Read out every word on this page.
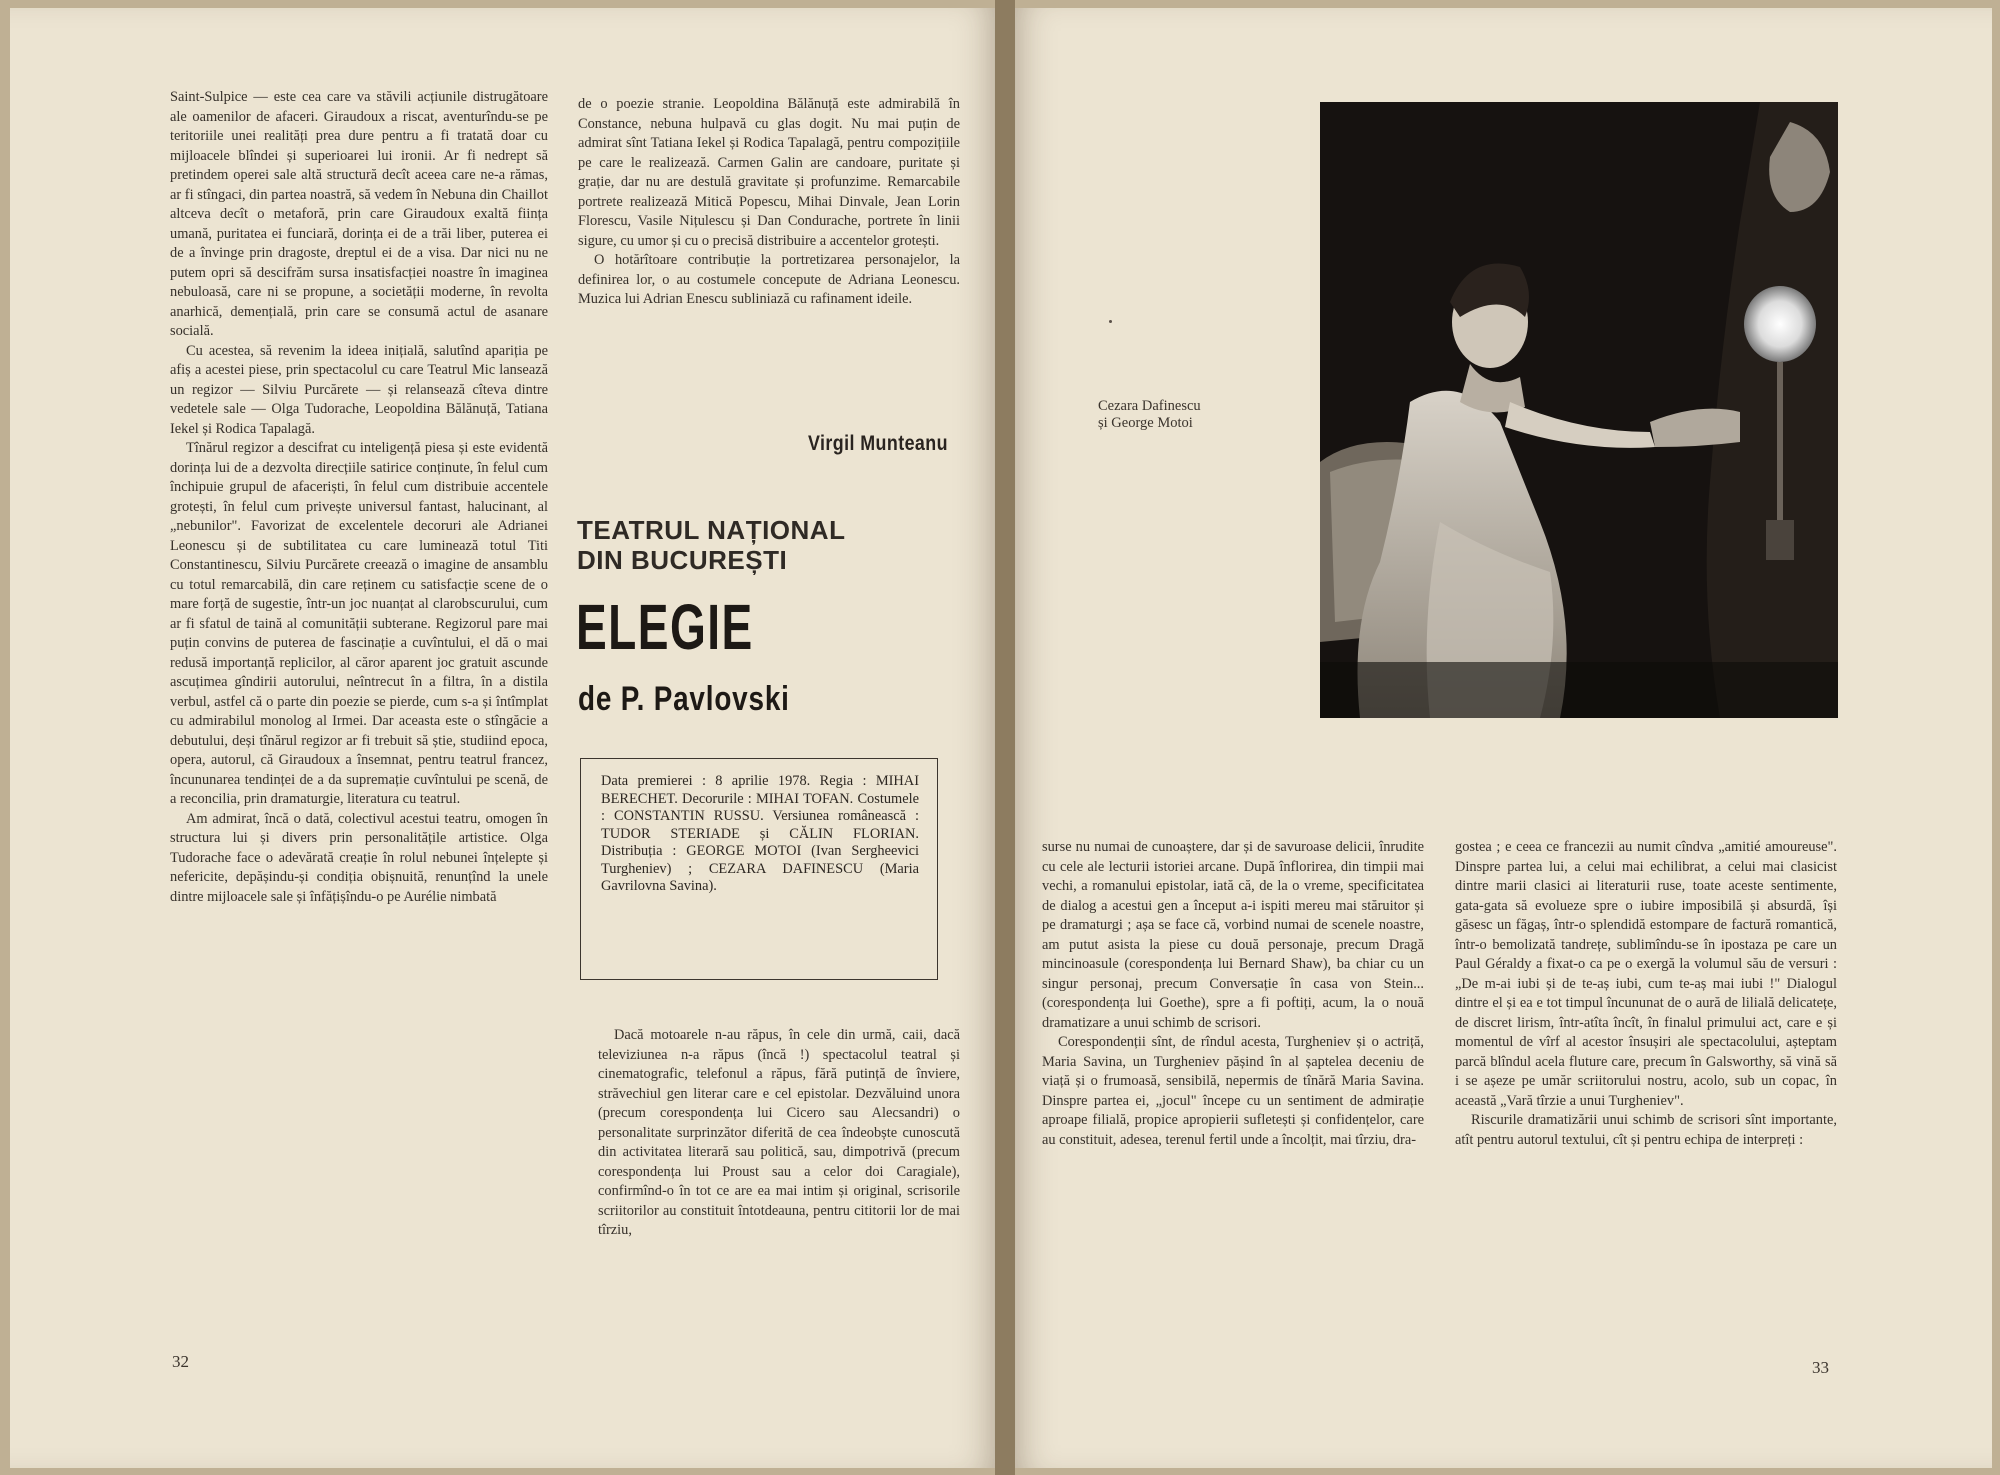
Saint-Sulpice — este cea care va stăvili acțiunile distrugătoare ale oamenilor de afaceri. Giraudoux a riscat, aventurîndu-se pe teritoriile unei realități prea dure pentru a fi tratată doar cu mijloacele blîndei și superioarei lui ironii. Ar fi nedrept să pretindem operei sale altă structură decît aceea care ne-a rămas, ar fi stîngaci, din partea noastră, să vedem în Nebuna din Chaillot altceva decît o metaforă, prin care Giraudoux exaltă ființa umană, puritatea ei funciară, dorința ei de a trăi liber, puterea ei de a învinge prin dragoste, dreptul ei de a visa. Dar nici nu ne putem opri să descifrăm sursa insatisfacției noastre în imaginea nebuloasă, care ni se propune, a societății moderne, în revolta anarhică, demențială, prin care se consumă actul de asanare socială.

Cu acestea, să revenim la ideea inițială, salutînd apariția pe afiș a acestei piese, prin spectacolul cu care Teatrul Mic lansează un regizor — Silviu Purcărete — și relansează cîteva dintre vedetele sale — Olga Tudorache, Leopoldina Bălănuță, Tatiana Iekel și Rodica Tapalagă.

Tînărul regizor a descifrat cu inteligență piesa și este evidentă dorința lui de a dezvolta direcțiile satirice conținute, în felul cum închipuie grupul de afaceriști, în felul cum distribuie accentele grotești, în felul cum privește universul fantast, halucinant, al „nebunilor". Favorizat de excelentele decoruri ale Adrianei Leonescu și de subtilitatea cu care luminează totul Titi Constantinescu, Silviu Purcărete creează o imagine de ansamblu cu totul remarcabilă, din care reținem cu satisfacție scene de o mare forță de sugestie, într-un joc nuanțat al clarobscurului, cum ar fi sfatul de taină al comunității subterane. Regizorul pare mai puțin convins de puterea de fascinație a cuvîntului, el dă o mai redusă importanță replicilor, al căror aparent joc gratuit ascunde ascuțimea gîndirii autorului, neîntrecut în a filtra, în a distila verbul, astfel că o parte din poezie se pierde, cum s-a și întîmplat cu admirabilul monolog al Irmei. Dar aceasta este o stîngăcie a debutului, deși tînărul regizor ar fi trebuit să știe, studiind epoca, opera, autorul, că Giraudoux a însemnat, pentru teatrul francez, încununarea tendinței de a da supremație cuvîntului pe scenă, de a reconcilia, prin dramaturgie, literatura cu teatrul.

Am admirat, încă o dată, colectivul acestui teatru, omogen în structura lui și divers prin personalitățile artistice. Olga Tudorache face o adevărată creație în rolul nebunei înțelepte și nefericite, depășindu-și condiția obișnuită, renunțînd la unele dintre mijloacele sale și înfățișîndu-o pe Aurélie nimbată

de o poezie stranie. Leopoldina Bălănuță este admirabilă în Constance, nebuna hulpavă cu glas dogit. Nu mai puțin de admirat sînt Tatiana Iekel și Rodica Tapalagă, pentru compozițiile pe care le realizează. Carmen Galin are candoare, puritate și grație, dar nu are destulă gravitate și profunzime. Remarcabile portrete realizează Mitică Popescu, Mihai Dinvale, Jean Lorin Florescu, Vasile Nițulescu și Dan Condurache, portrete în linii sigure, cu umor și cu o precisă distribuire a accentelor grotești.

O hotărîtoare contribuție la portretizarea personajelor, la definirea lor, o au costumele concepute de Adriana Leonescu. Muzica lui Adrian Enescu subliniază cu rafinament ideile.

Virgil Munteanu
TEATRUL NAȚIONAL
DIN BUCUREȘTI
ELEGIE
de P. Pavlovski
Data premierei : 8 aprilie 1978. Regia : MIHAI BERECHET. Decorurile : MIHAI TOFAN. Costumele : CONSTANTIN RUSSU. Versiunea românească : TUDOR STERIADE și CĂLIN FLORIAN. Distribuția : GEORGE MOTOI (Ivan Sergheevici Turgheniev) ; CEZARA DAFINESCU (Maria Gavrilovna Savina).

Dacă motoarele n-au răpus, în cele din urmă, caii, dacă televiziunea n-a răpus (încă !) spectacolul teatral și cinematografic, telefonul a răpus, fără putință de înviere, străvechiul gen literar care e cel epistolar. Dezvăluind unora (precum corespondența lui Cicero sau Alecsandri) o personalitate surprinzător diferită de cea îndeobște cunoscută din activitatea literară sau politică, sau, dimpotrivă (precum corespondența lui Proust sau a celor doi Caragiale), confirmînd-o în tot ce are ea mai intim și original, scrisorile scriitorilor au constituit întotdeauna, pentru cititorii lor de mai tîrziu,

32
Cezara Dafinescu
și George Motoi

surse nu numai de cunoaștere, dar și de savuroase delicii, înrudite cu cele ale lecturii istoriei arcane. După înflorirea, din timpii mai vechi, a romanului epistolar, iată că, de la o vreme, specificitatea de dialog a acestui gen a început a-i ispiti mereu mai stăruitor și pe dramaturgi ; așa se face că, vorbind numai de scenele noastre, am putut asista la piese cu două personaje, precum Dragă mincinoasule (corespondența lui Bernard Shaw), ba chiar cu un singur personaj, precum Conversație în casa von Stein... (corespondența lui Goethe), spre a fi poftiți, acum, la o nouă dramatizare a unui schimb de scrisori.

Corespondenții sînt, de rîndul acesta, Turgheniev și o actriță, Maria Savina, un Turgheniev pășind în al șaptelea deceniu de viață și o frumoasă, sensibilă, nepermis de tînără Maria Savina. Dinspre partea ei, „jocul" începe cu un sentiment de admirație aproape filială, propice apropierii sufletești și confidențelor, care au constituit, adesea, terenul fertil unde a încolțit, mai tîrziu, dra-

gostea ; e ceea ce francezii au numit cîndva „amitié amoureuse". Dinspre partea lui, a celui mai echilibrat, a celui mai clasicist dintre marii clasici ai literaturii ruse, toate aceste sentimente, gata-gata să evolueze spre o iubire imposibilă și absurdă, își găsesc un făgaș, într-o splendidă estompare de factură romantică, într-o bemolizată tandrețe, sublimîndu-se în ipostaza pe care un Paul Géraldy a fixat-o ca pe o exergă la volumul său de versuri : „De m-ai iubi și de te-aș iubi, cum te-aș mai iubi !" Dialogul dintre el și ea e tot timpul încununat de o aură de lilială delicatețe, de discret lirism, într-atîta încît, în finalul primului act, care e și momentul de vîrf al acestor însușiri ale spectacolului, așteptam parcă blîndul acela fluture care, precum în Galsworthy, să vină să i se așeze pe umăr scriitorului nostru, acolo, sub un copac, în această „Vară tîrzie a unui Turgheniev".

Riscurile dramatizării unui schimb de scrisori sînt importante, atît pentru autorul textului, cît și pentru echipa de interpreți :

33
